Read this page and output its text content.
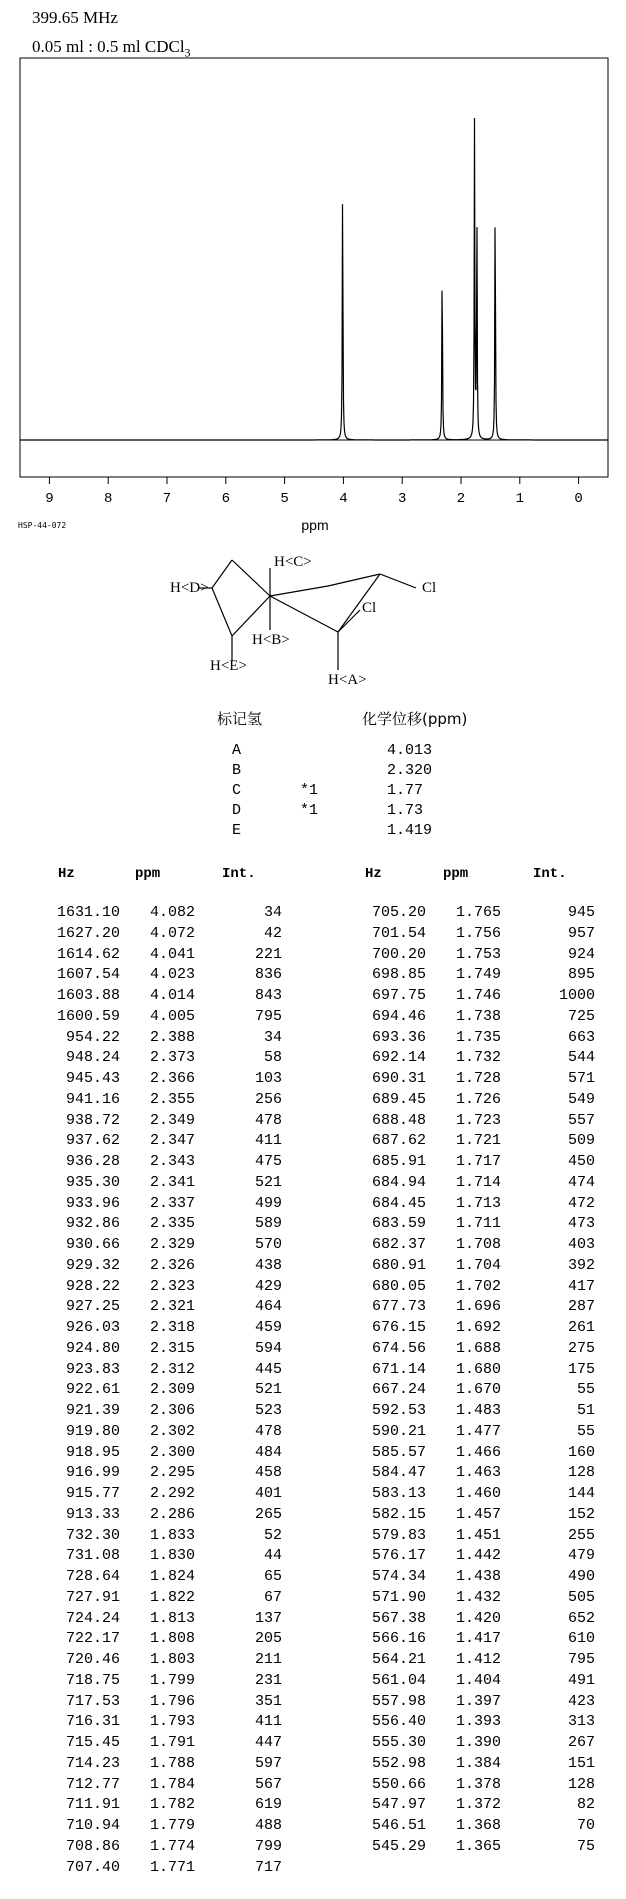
399.65 MHz
0.05 ml : 0.5 ml CDCl$_3$
9	8	7	6	5	4	3	2	1	0
ppm
HSP-44-072
H<C>
H<D>
H<B>
H<E>
H<A>
Cl
Cl
标记氢	化学位移(ppm)
A	4.013
B	2.320
C	*1	1.77
D	*1	1.73
E	1.419
Hz	ppm	Int.	Hz	ppm	Int.
1631.10	4.082	34
1627.20	4.072	42
1614.62	4.041	221
1607.54	4.023	836
1603.88	4.014	843
1600.59	4.005	795
954.22	2.388	34
948.24	2.373	58
945.43	2.366	103
941.16	2.355	256
938.72	2.349	478
937.62	2.347	411
936.28	2.343	475
935.30	2.341	521
933.96	2.337	499
932.86	2.335	589
930.66	2.329	570
929.32	2.326	438
928.22	2.323	429
927.25	2.321	464
926.03	2.318	459
924.80	2.315	594
923.83	2.312	445
922.61	2.309	521
921.39	2.306	523
919.80	2.302	478
918.95	2.300	484
916.99	2.295	458
915.77	2.292	401
913.33	2.286	265
732.30	1.833	52
731.08	1.830	44
728.64	1.824	65
727.91	1.822	67
724.24	1.813	137
722.17	1.808	205
720.46	1.803	211
718.75	1.799	231
717.53	1.796	351
716.31	1.793	411
715.45	1.791	447
714.23	1.788	597
712.77	1.784	567
711.91	1.782	619
710.94	1.779	488
708.86	1.774	799
707.40	1.771	717
705.20	1.765	945
701.54	1.756	957
700.20	1.753	924
698.85	1.749	895
697.75	1.746	1000
694.46	1.738	725
693.36	1.735	663
692.14	1.732	544
690.31	1.728	571
689.45	1.726	549
688.48	1.723	557
687.62	1.721	509
685.91	1.717	450
684.94	1.714	474
684.45	1.713	472
683.59	1.711	473
682.37	1.708	403
680.91	1.704	392
680.05	1.702	417
677.73	1.696	287
676.15	1.692	261
674.56	1.688	275
671.14	1.680	175
667.24	1.670	55
592.53	1.483	51
590.21	1.477	55
585.57	1.466	160
584.47	1.463	128
583.13	1.460	144
582.15	1.457	152
579.83	1.451	255
576.17	1.442	479
574.34	1.438	490
571.90	1.432	505
567.38	1.420	652
566.16	1.417	610
564.21	1.412	795
561.04	1.404	491
557.98	1.397	423
556.40	1.393	313
555.30	1.390	267
552.98	1.384	151
550.66	1.378	128
547.97	1.372	82
546.51	1.368	70
545.29	1.365	75
